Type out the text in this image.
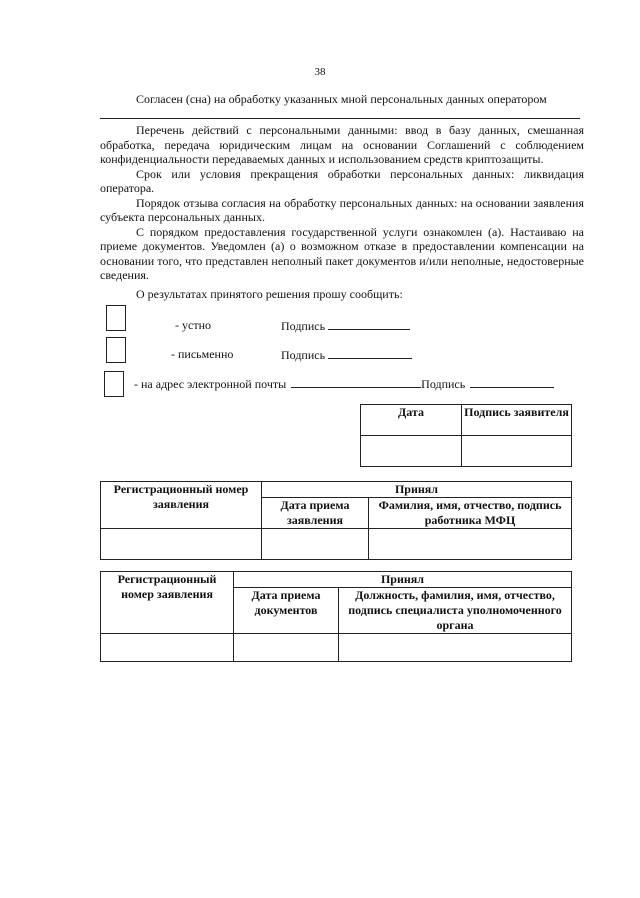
38

Согласен (сна) на обработку указанных мной персональных данных оператором

Перечень действий с персональными данными: ввод в базу данных, смешанная обработка, передача юридическим лицам на основании Соглашений с соблюдением конфиденциальности передаваемых данных и использованием средств криптозащиты.

Срок или условия прекращения обработки персональных данных: ликвидация оператора.

Порядок отзыва согласия на обработку персональных данных: на основании заявления субъекта персональных данных.

С порядком предоставления государственной услуги ознакомлен (а). Настаиваю на приеме документов. Уведомлен (а) о возможном отказе в предоставлении компенсации на основании того, что представлен неполный пакет документов и/или неполные, недостоверные сведения.

О результатах принятого решения прошу сообщить:

- устно	Подпись
- письменно	Подпись
- на адрес электронной почты	Подпись
Дата	Подпись заявителя

Регистрационный номер заявления	Принял	
	Дата приема заявления	Фамилия, имя, отчество, подпись работника МФЦ

Регистрационный номер заявления	Принял	
	Дата приема документов	Должность, фамилия, имя, отчество, подпись специалиста уполномоченного органа
